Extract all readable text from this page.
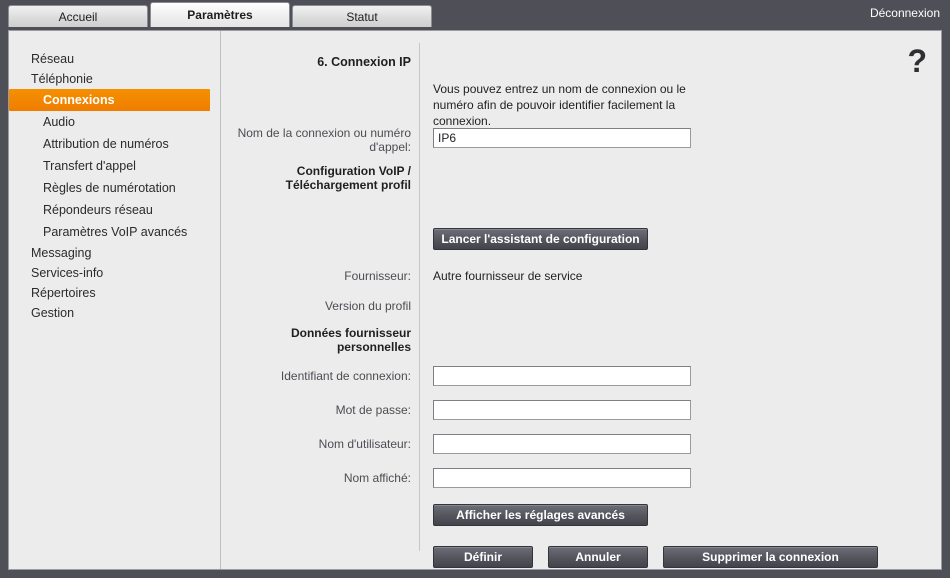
Accueil	Paramètres	Statut	Déconnexion
Réseau
Téléphonie
Connexions
Audio
Attribution de numéros
Transfert d'appel
Règles de numérotation
Répondeurs réseau
Paramètres VoIP avancés
Messaging
Services-info
Répertoires
Gestion
?
6. Connexion IP
Vous pouvez entrez un nom de connexion ou le numéro afin de pouvoir identifier facilement la connexion.
Nom de la connexion ou numéro d'appel:
IP6
Configuration VoIP / Téléchargement profil
Lancer l'assistant de configuration
Fournisseur: Autre fournisseur de service
Version du profil
Données fournisseur personnelles
Identifiant de connexion:
Mot de passe:
Nom d'utilisateur:
Nom affiché:
Afficher les réglages avancés
Définir	Annuler	Supprimer la connexion
